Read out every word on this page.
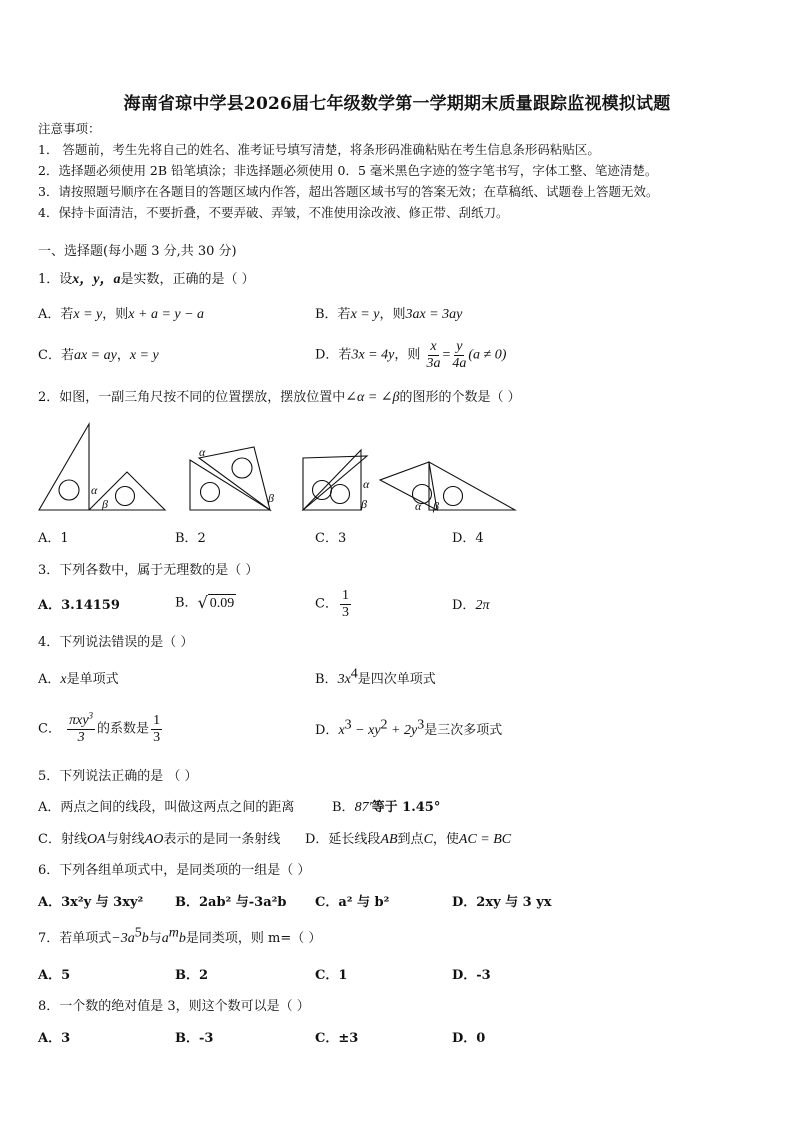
海南省琼中学县2026届七年级数学第一学期期末质量跟踪监视模拟试题
注意事项：
1． 答题前，考生先将自己的姓名、准考证号填写清楚，将条形码准确粘贴在考生信息条形码粘贴区。
2．选择题必须使用 2B 铅笔填涂；非选择题必须使用 0．5 毫米黑色字迹的签字笔书写，字体工整、笔迹清楚。
3．请按照题号顺序在各题目的答题区域内作答，超出答题区域书写的答案无效；在草稿纸、试题卷上答题无效。
4．保持卡面清洁，不要折叠，不要弄破、弄皱，不准使用涂改液、修正带、刮纸刀。
一、选择题(每小题 3 分,共 30 分)
1．设x，y，a是实数，正确的是（ ）
A．若x = y，则x + a = y − a	B．若x = y，则3ax = 3ay
C．若ax = ay，x = y	D．若3x = 4y，则 $\frac{x}{3a} = \frac{y}{4a} (a \ne 0)$
2．如图，一副三角尺按不同的位置摆放，摆放位置中∠α = ∠β的图形的个数是（ ）
α
β
α
β
α
β	α β
A．1	B．2	C．3	D．4
3．下列各数中，属于无理数的是（ ）
A．3.14159	B． √ 0.09	C． $\frac{1}{3}$	D．2π
4．下列说法错误的是（ ）
A．x是单项式	B．$3x^4$是四次单项式
C． $\frac{\pi xy^3}{3}$ 的系数是 $\frac{1}{3}$	D．$x^3 - xy^2 + 2y^3$是三次多项式
5．下列说法正确的是 （ ）
A．两点之间的线段，叫做这两点之间的距离	B．87′等于 1.45°
C．射线OA与射线AO表示的是同一条射线 D．延长线段AB到点C，使AC = BC
6．下列各组单项式中，是同类项的一组是（ ）
A．3x²y 与 3xy² B．2ab² 与-3a²b C．a² 与 b²	D．2xy 与 3 yx
7．若单项式$-3a^5b$与$a^mb$是同类项，则 m=（ ）
A．5	B．2	C．1	D．-3
8．一个数的绝对值是 3，则这个数可以是（ ）
A．3	B．-3	C．±3	D．0
